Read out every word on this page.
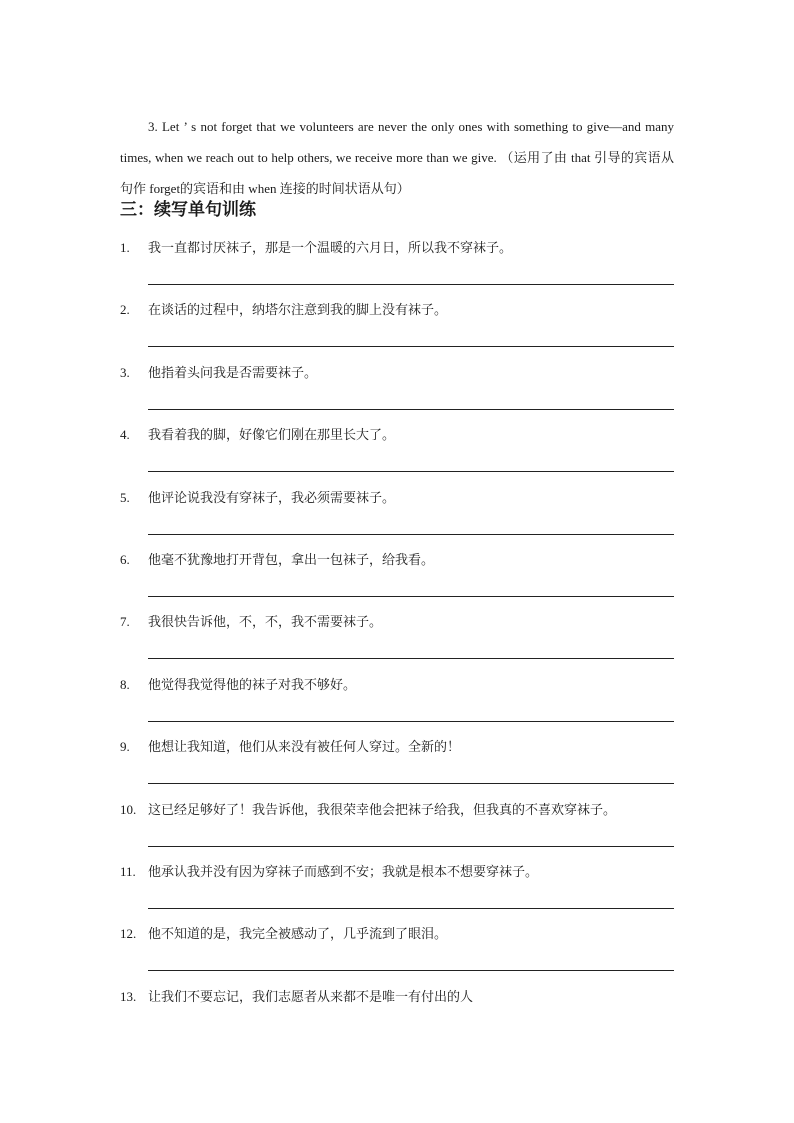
3. Let ’ s not forget that we volunteers are never the only ones with something to give—and many times, when we reach out to help others, we receive more than we give. （运用了由 that 引导的宾语从句作 forget的宾语和由 when 连接的时间状语从句）

三：续写单句训练
1. 我一直都讨厌袜子，那是一个温暖的六月日，所以我不穿袜子。
2. 在谈话的过程中，纳塔尔注意到我的脚上没有袜子。
3. 他指着头问我是否需要袜子。
4. 我看着我的脚，好像它们刚在那里长大了。
5. 他评论说我没有穿袜子，我必须需要袜子。
6. 他毫不犹豫地打开背包，拿出一包袜子，给我看。
7. 我很快告诉他，不，不，我不需要袜子。
8. 他觉得我觉得他的袜子对我不够好。
9. 他想让我知道，他们从来没有被任何人穿过。全新的！
10. 这已经足够好了！我告诉他，我很荣幸他会把袜子给我，但我真的不喜欢穿袜子。
11. 他承认我并没有因为穿袜子而感到不安；我就是根本不想要穿袜子。
12. 他不知道的是，我完全被感动了，几乎流到了眼泪。
13. 让我们不要忘记，我们志愿者从来都不是唯一有付出的人
